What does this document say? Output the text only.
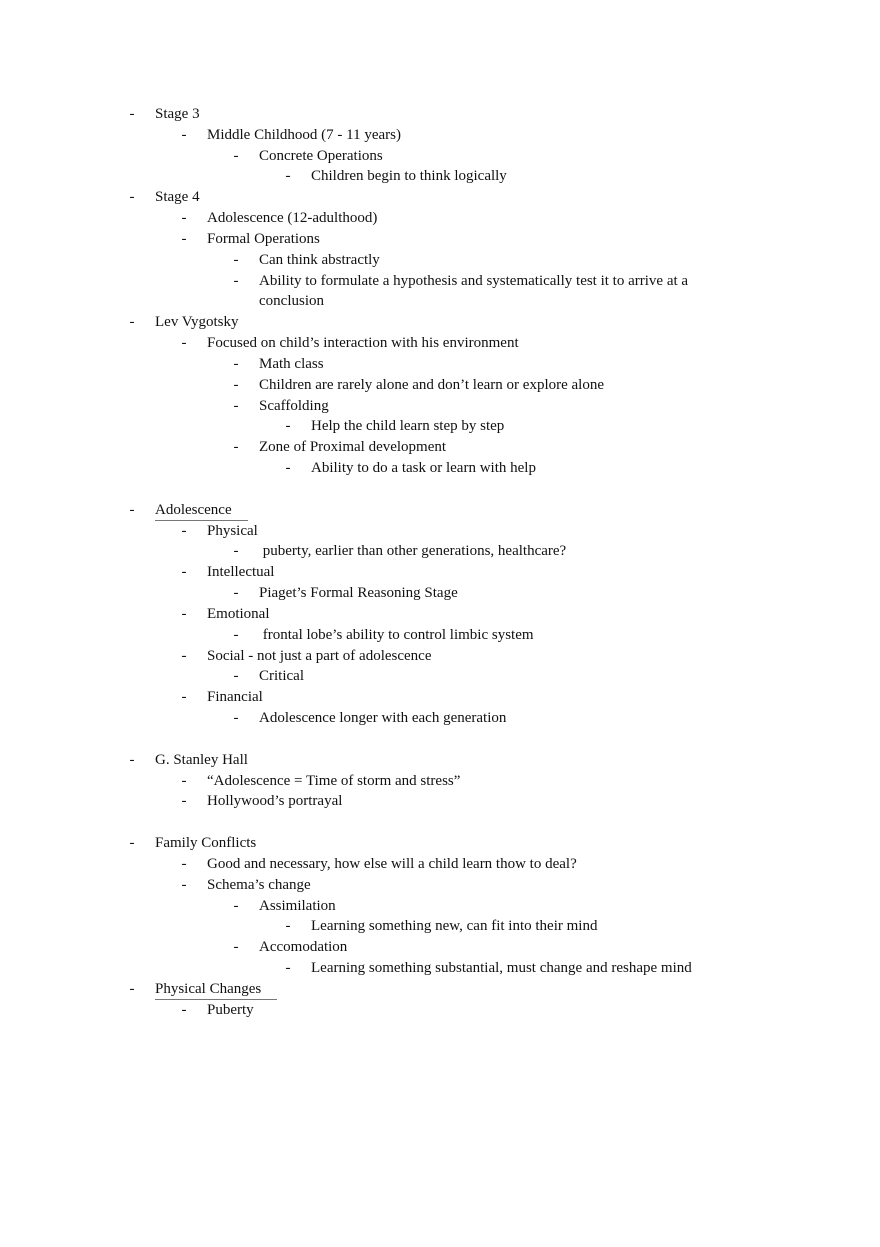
- Stage 3
- Middle Childhood (7 - 11 years)
- Concrete Operations
- Children begin to think logically
- Stage 4
- Adolescence (12-adulthood)
- Formal Operations
- Can think abstractly
- Ability to formulate a hypothesis and systematically test it to arrive at a
conclusion
- Lev Vygotsky
- Focused on child’s interaction with his environment
- Math class
- Children are rarely alone and don’t learn or explore alone
- Scaffolding
- Help the child learn step by step
- Zone of Proximal development
- Ability to do a task or learn with help
- Adolescence
- Physical
- puberty, earlier than other generations, healthcare?
- Intellectual
- Piaget’s Formal Reasoning Stage
- Emotional
- frontal lobe’s ability to control limbic system
- Social - not just a part of adolescence
- Critical
- Financial
- Adolescence longer with each generation
- G. Stanley Hall
- “Adolescence = Time of storm and stress”
- Hollywood’s portrayal
- Family Conflicts
- Good and necessary, how else will a child learn thow to deal?
- Schema’s change
- Assimilation
- Learning something new, can fit into their mind
- Accomodation
- Learning something substantial, must change and reshape mind
- Physical Changes
- Puberty
